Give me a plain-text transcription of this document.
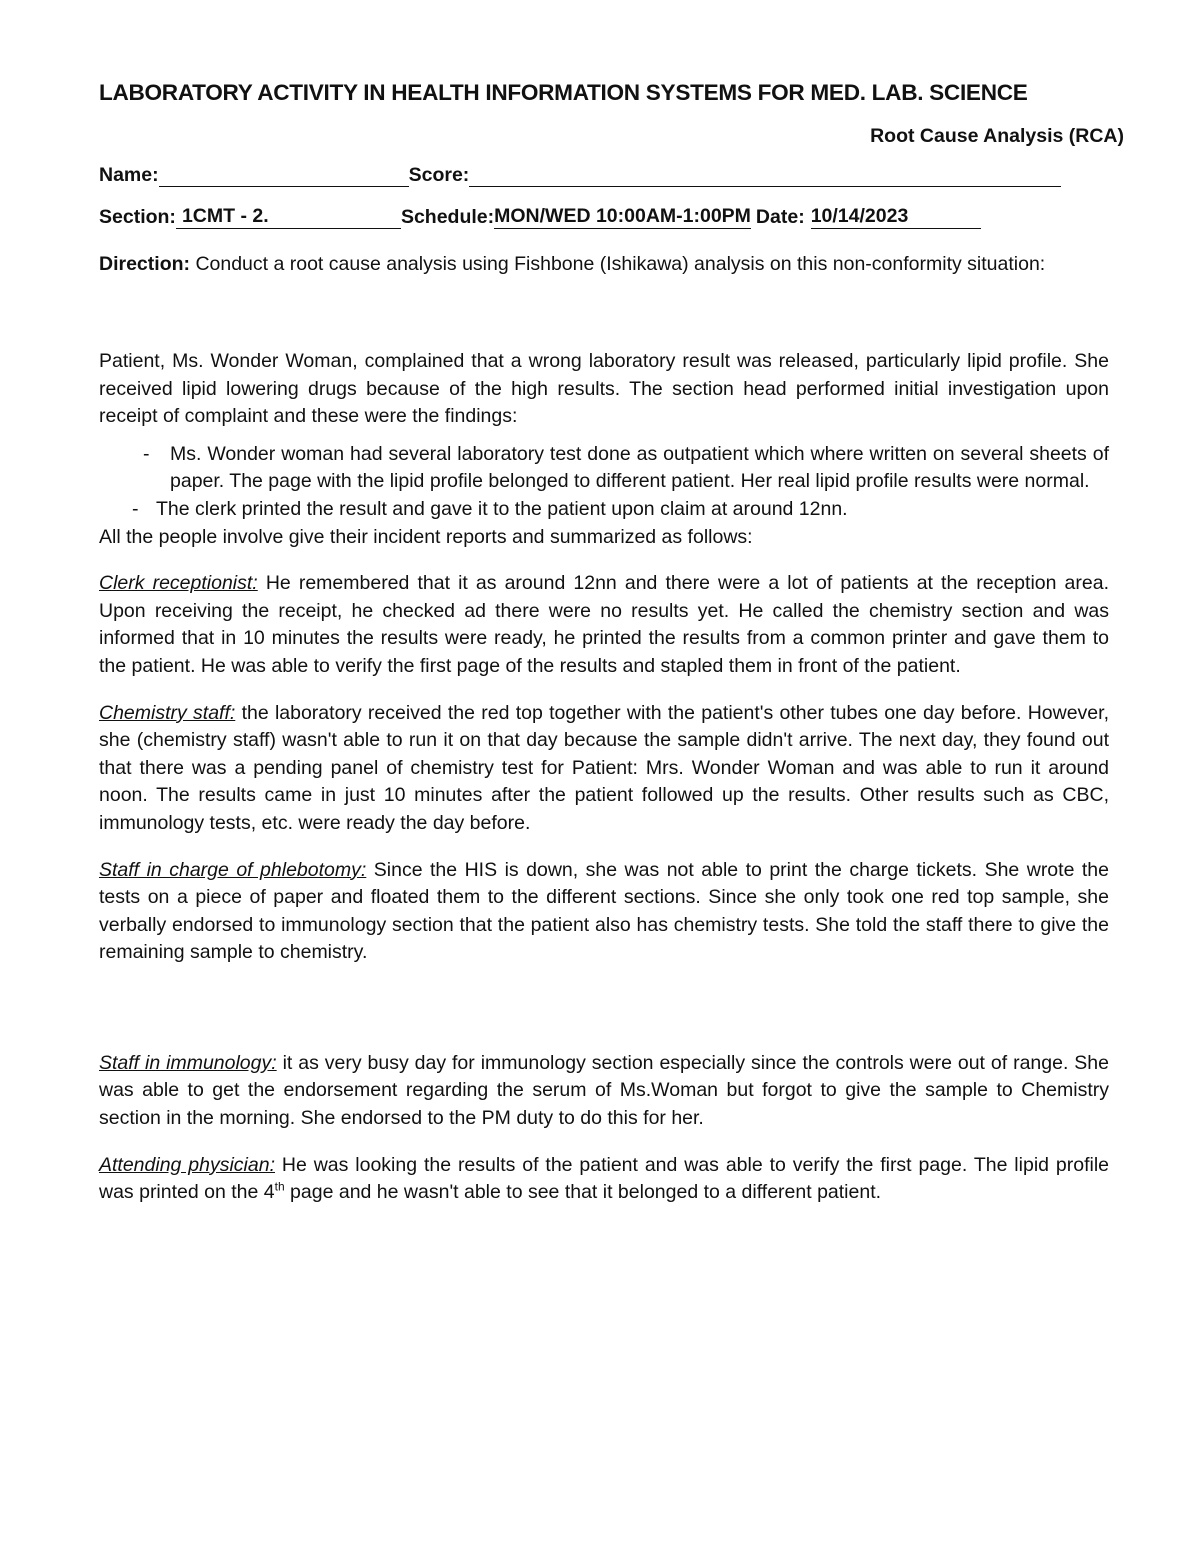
LABORATORY ACTIVITY IN HEALTH INFORMATION SYSTEMS FOR MED. LAB. SCIENCE
Root Cause Analysis (RCA)
Name:	Score:
Section: 1CMT - 2.	Schedule: MON/WED 10:00AM-1:00PM Date: 10/14/2023
Direction: Conduct a root cause analysis using Fishbone (Ishikawa) analysis on this non-conformity situation:

Patient, Ms. Wonder Woman, complained that a wrong laboratory result was released, particularly lipid profile. She received lipid lowering drugs because of the high results. The section head performed initial investigation upon receipt of complaint and these were the findings:

- Ms. Wonder woman had several laboratory test done as outpatient which where written on several sheets of paper. The page with the lipid profile belonged to different patient. Her real lipid profile results were normal.
- The clerk printed the result and gave it to the patient upon claim at around 12nn.

All the people involve give their incident reports and summarized as follows:

Clerk receptionist: He remembered that it as around 12nn and there were a lot of patients at the reception area. Upon receiving the receipt, he checked ad there were no results yet. He called the chemistry section and was informed that in 10 minutes the results were ready, he printed the results from a common printer and gave them to the patient. He was able to verify the first page of the results and stapled them in front of the patient.

Chemistry staff: the laboratory received the red top together with the patient's other tubes one day before. However, she (chemistry staff) wasn't able to run it on that day because the sample didn't arrive. The next day, they found out that there was a pending panel of chemistry test for Patient: Mrs. Wonder Woman and was able to run it around noon. The results came in just 10 minutes after the patient followed up the results. Other results such as CBC, immunology tests, etc. were ready the day before.

Staff in charge of phlebotomy: Since the HIS is down, she was not able to print the charge tickets. She wrote the tests on a piece of paper and floated them to the different sections. Since she only took one red top sample, she verbally endorsed to immunology section that the patient also has chemistry tests. She told the staff there to give the remaining sample to chemistry.

Staff in immunology: it as very busy day for immunology section especially since the controls were out of range. She was able to get the endorsement regarding the serum of Ms.Woman but forgot to give the sample to Chemistry section in the morning. She endorsed to the PM duty to do this for her.

Attending physician: He was looking the results of the patient and was able to verify the first page. The lipid profile was printed on the 4th page and he wasn't able to see that it belonged to a different patient.
